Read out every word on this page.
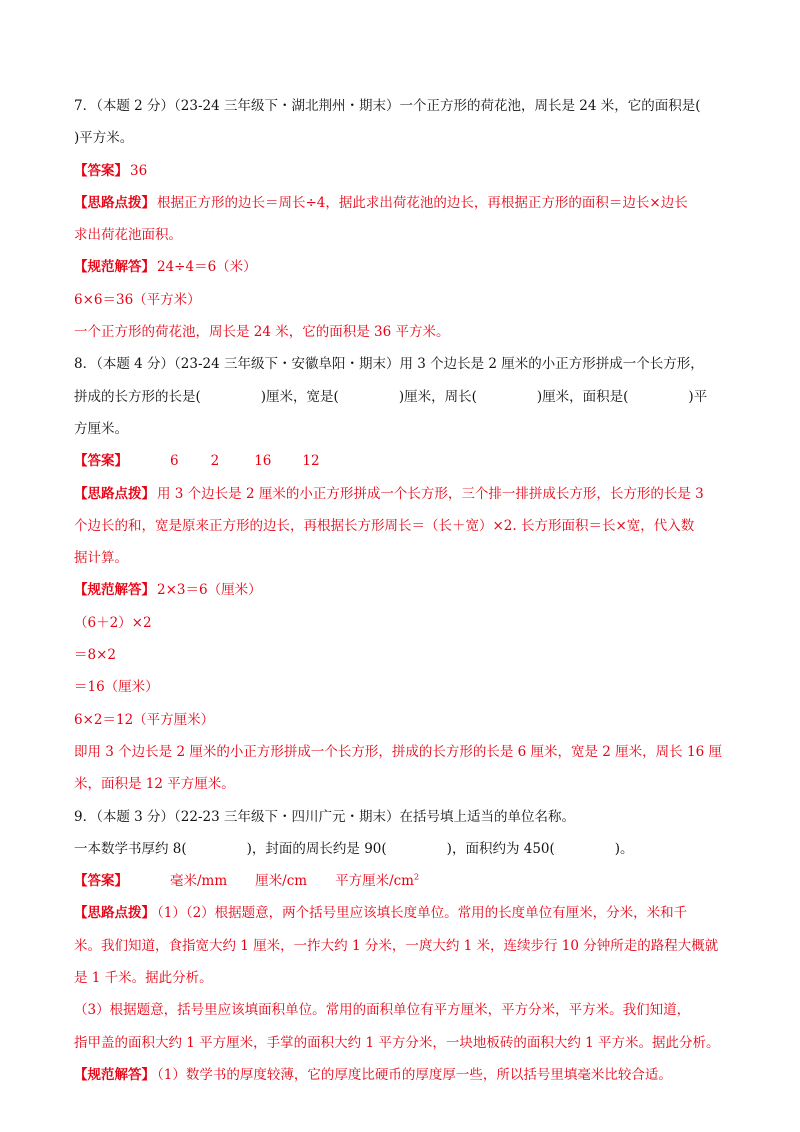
7．（本题 2 分）（23-24 三年级下・湖北荆州・期末）一个正方形的荷花池，周长是 24 米，它的面积是(
)平方米。
【答案】 36
【思路点拨】 根据正方形的边长＝周长÷4，据此求出荷花池的边长，再根据正方形的面积＝边长×边长
求出荷花池面积。
【规范解答】 24÷4＝6（米）
6×6＝36（平方米）
一个正方形的荷花池，周长是 24 米，它的面积是 36 平方米。
8．（本题 4 分）（23-24 三年级下・安徽阜阳・期末）用 3 个边长是 2 厘米的小正方形拼成一个长方形，
拼成的长方形的长是(	)厘米，宽是(	)厘米，周长(	)厘米，面积是(	)平
方厘米。
【答案】	6 2	16 12
【思路点拨】 用 3 个边长是 2 厘米的小正方形拼成一个长方形，三个排一排拼成长方形，长方形的长是 3
个边长的和，宽是原来正方形的边长，再根据长方形周长＝（长＋宽）×2. 长方形面积＝长×宽，代入数
据计算。
【规范解答】 2×3＝6（厘米）
（6＋2）×2
＝8×2
＝16（厘米）
6×2＝12（平方厘米）
即用 3 个边长是 2 厘米的小正方形拼成一个长方形，拼成的长方形的长是 6 厘米，宽是 2 厘米，周长 16 厘
米，面积是 12 平方厘米。
9．（本题 3 分）（22-23 三年级下・四川广元・期末）在括号填上适当的单位名称。
一本数学书厚约 8(	)，封面的周长约是 90(	)，面积约为 450(	)。
【答案】	毫米/mm 厘米/cm 平方厘米$/cm^2$
【思路点拨】 （1）（2）根据题意，两个括号里应该填长度单位。常用的长度单位有厘米，分米，米和千
米。我们知道，食指宽大约 1 厘米，一拃大约 1 分米，一庹大约 1 米，连续步行 10 分钟所走的路程大概就
是 1 千米。据此分析。
（3）根据题意，括号里应该填面积单位。常用的面积单位有平方厘米，平方分米，平方米。我们知道，
指甲盖的面积大约 1 平方厘米，手掌的面积大约 1 平方分米，一块地板砖的面积大约 1 平方米。据此分析。
【规范解答】 （1）数学书的厚度较薄，它的厚度比硬币的厚度厚一些，所以括号里填毫米比较合适。
